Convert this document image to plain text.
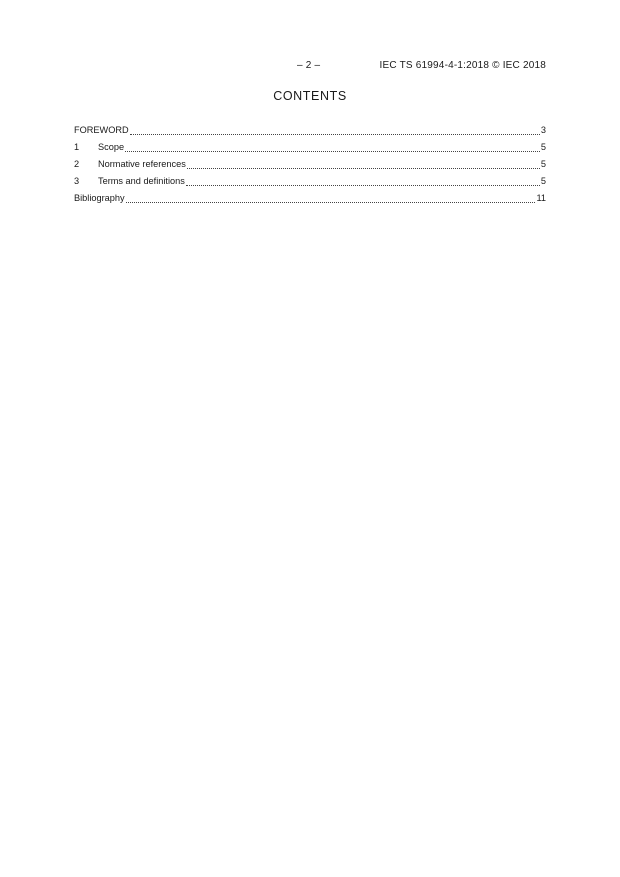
– 2 –	IEC TS 61994-4-1:2018 © IEC 2018
CONTENTS
FOREWORD	3
1	Scope	5
2	Normative references	5
3	Terms and definitions	5
Bibliography	11
